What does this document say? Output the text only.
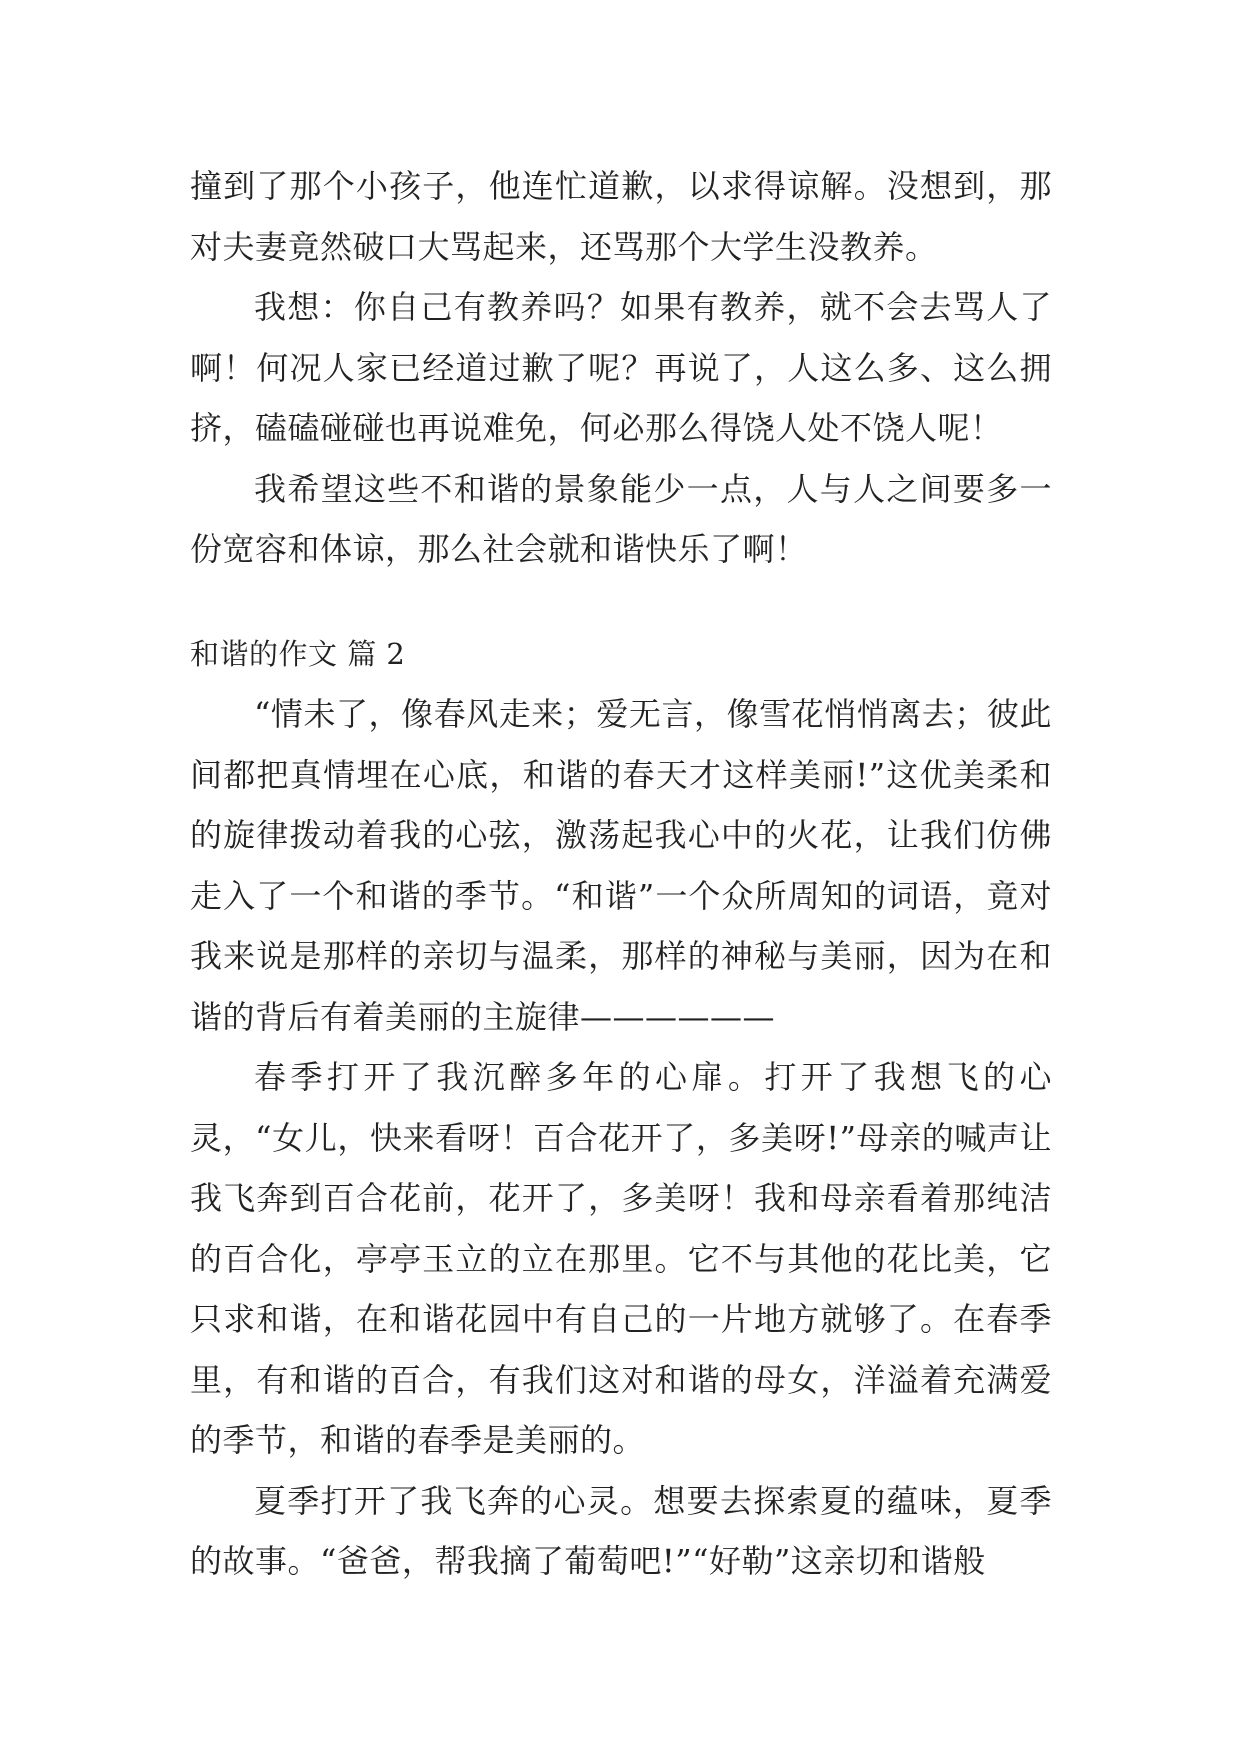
撞到了那个小孩子，他连忙道歉，以求得谅解。没想到，那对夫妻竟然破口大骂起来，还骂那个大学生没教养。

我想：你自己有教养吗？如果有教养，就不会去骂人了啊！何况人家已经道过歉了呢？再说了，人这么多、这么拥挤，磕磕碰碰也再说难免，何必那么得饶人处不饶人呢！

我希望这些不和谐的景象能少一点，人与人之间要多一份宽容和体谅，那么社会就和谐快乐了啊！

和谐的作文 篇 2

“情未了，像春风走来；爱无言，像雪花悄悄离去；彼此间都把真情埋在心底，和谐的春天才这样美丽!”这优美柔和的旋律拨动着我的心弦，激荡起我心中的火花，让我们仿佛走入了一个和谐的季节。“和谐”一个众所周知的词语，竟对我来说是那样的亲切与温柔，那样的神秘与美丽，因为在和谐的背后有着美丽的主旋律——————

春季打开了我沉醉多年的心扉。打开了我想飞的心灵，“女儿，快来看呀！百合花开了，多美呀!”母亲的喊声让我飞奔到百合花前，花开了，多美呀！我和母亲看着那纯洁的百合化，亭亭玉立的立在那里。它不与其他的花比美，它只求和谐，在和谐花园中有自己的一片地方就够了。在春季里，有和谐的百合，有我们这对和谐的母女，洋溢着充满爱的季节，和谐的春季是美丽的。

夏季打开了我飞奔的心灵。想要去探索夏的蕴味，夏季的故事。“爸爸，帮我摘了葡萄吧!”“好勒”这亲切和谐般
